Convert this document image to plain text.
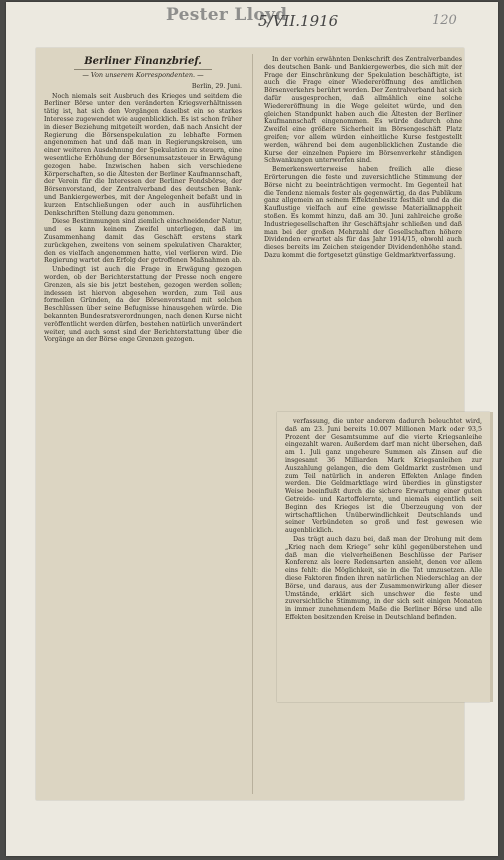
Pester Lloyd
5/VII.1916	120
Berliner Finanzbrief.
— Von unserem Korrespondenten. —
Berlin, 29. Juni.

Noch niemals seit Ausbruch des Krieges und seitdem die Berliner Börse unter den veränderten Kriegsverhältnissen tätig ist, hat sich den Vorgängen daselbst ein so starkes Interesse zugewendet wie augenblicklich. Es ist schon früher in dieser Beziehung mitgeteilt worden, daß nach Ansicht der Regierung die Börsenspekulation zu lebhafte Formen angenommen hat und daß man in Regierungskreisen, um einer weiteren Ausdehnung der Spekulation zu steuern, eine wesentliche Erhöhung der Börsenumsatzsteuer in Erwägung gezogen habe. Inzwischen haben sich verschiedene Körperschaften, so die Ältesten der Berliner Kaufmannschaft, der Verein für die Interessen der Berliner Fondsbörse, der Börsenvorstand, der Zentralverband des deutschen Bank- und Bankiergewerbes, mit der Angelegenheit befaßt und in kurzen Entschließungen oder auch in ausführlichen Denkschriften Stellung dazu genommen.

Diese Bestimmungen sind ziemlich einschneidender Natur, und es kann keinem Zweifel unterliegen, daß im Zusammenhang damit das Geschäft erstens stark zurückgehen, zweitens von seinem spekulativen Charakter, den es vielfach angenommen hatte, viel verlieren wird. Die Regierung wartet den Erfolg der getroffenen Maßnahmen ab.

Unbedingt ist auch die Frage in Erwägung gezogen worden, ob der Berichterstattung der Presse noch engere Grenzen, als sie bis jetzt bestehen, gezogen werden sollen; indessen ist hiervon abgesehen worden, zum Teil aus formellen Gründen, da der Börsenvorstand mit solchen Beschlüssen über seine Befugnisse hinausgehen würde. Die bekannten Bundesratsverordnungen, nach denen Kurse nicht veröffentlicht werden dürfen, bestehen natürlich unverändert weiter, und auch sonst sind der Berichterstattung über die Vorgänge an der Börse enge Grenzen gezogen.

In der vorhin erwähnten Denkschrift des Zentralverbandes des deutschen Bank- und Bankiergewerbes, die sich mit der Frage der Einschränkung der Spekulation beschäftigte, ist auch die Frage einer Wiedereröffnung des amtlichen Börsenverkehrs berührt worden. Der Zentralverband hat sich dafür ausgesprochen, daß allmählich eine solche Wiedereröffnung in die Wege geleitet würde, und den gleichen Standpunkt haben auch die Ältesten der Berliner Kaufmannschaft eingenommen. Es würde dadurch ohne Zweifel eine größere Sicherheit im Börsengeschäft Platz greifen; vor allem würden einheitliche Kurse festgestellt werden, während bei dem augenblicklichen Zustande die Kurse der einzelnen Papiere im Börsenverkehr ständigen Schwankungen unterworfen sind.

Bemerkenswerterweise haben freilich alle diese Erörterungen die feste und zuversichtliche Stimmung der Börse nicht zu beeinträchtigen vermocht. Im Gegenteil hat die Tendenz niemals fester als gegenwärtig, da das Publikum ganz allgemein an seinem Effektenbesitz festhält und da die Kauflustige vielfach auf eine gewisse Materialknappheit stoßen. Es kommt hinzu, daß am 30. Juni zahlreiche große Industriegesellschaften ihr Geschäftsjahr schließen und daß man bei der großen Mehrzahl der Gesellschaften höhere Dividenden erwartet als für das Jahr 1914/15, obwohl auch dieses bereits im Zeichen steigender Dividendenhöhe stand. Dazu kommt die fortgesetzt günstige Geldmarktverfassung.

verfassung, die unter anderem dadurch beleuchtet wird, daß am 23. Juni bereits 10.007 Millionen Mark oder 93,5 Prozent der Gesamtsumme auf die vierte Kriegsanleihe eingezahlt waren. Außerdem darf man nicht übersehen, daß am 1. Juli ganz ungeheure Summen als Zinsen auf die insgesamt 36 Milliarden Mark Kriegsanleihen zur Auszahlung gelangen, die dem Geldmarkt zuströmen und zum Teil natürlich in anderen Effekten Anlage finden werden. Die Geldmarktlage wird überdies in günstigster Weise beeinflußt durch die sichere Erwartung einer guten Getreide- und Kartoffelernte, und niemals eigentlich seit Beginn des Krieges ist die Überzeugung von der wirtschaftlichen Unüberwindlichkeit Deutschlands und seiner Verbündeten so groß und fest gewesen wie augenblicklich.

Das trägt auch dazu bei, daß man der Drohung mit dem „Krieg nach dem Kriege“ sehr kühl gegenüberstehen und daß man die vielverheißenen Beschlüsse der Pariser Konferenz als leere Redensarten ansieht, denen vor allem eins fehlt: die Möglichkeit, sie in die Tat umzusetzen. Alle diese Faktoren finden ihren natürlichen Niederschlag an der Börse, und daraus, aus der Zusammenwirkung aller dieser Umstände, erklärt sich unschwer die feste und zuversichtliche Stimmung, in der sich seit einigen Monaten in immer zunehmendem Maße die Berliner Börse und alle Effekten besitzenden Kreise in Deutschland befinden.
